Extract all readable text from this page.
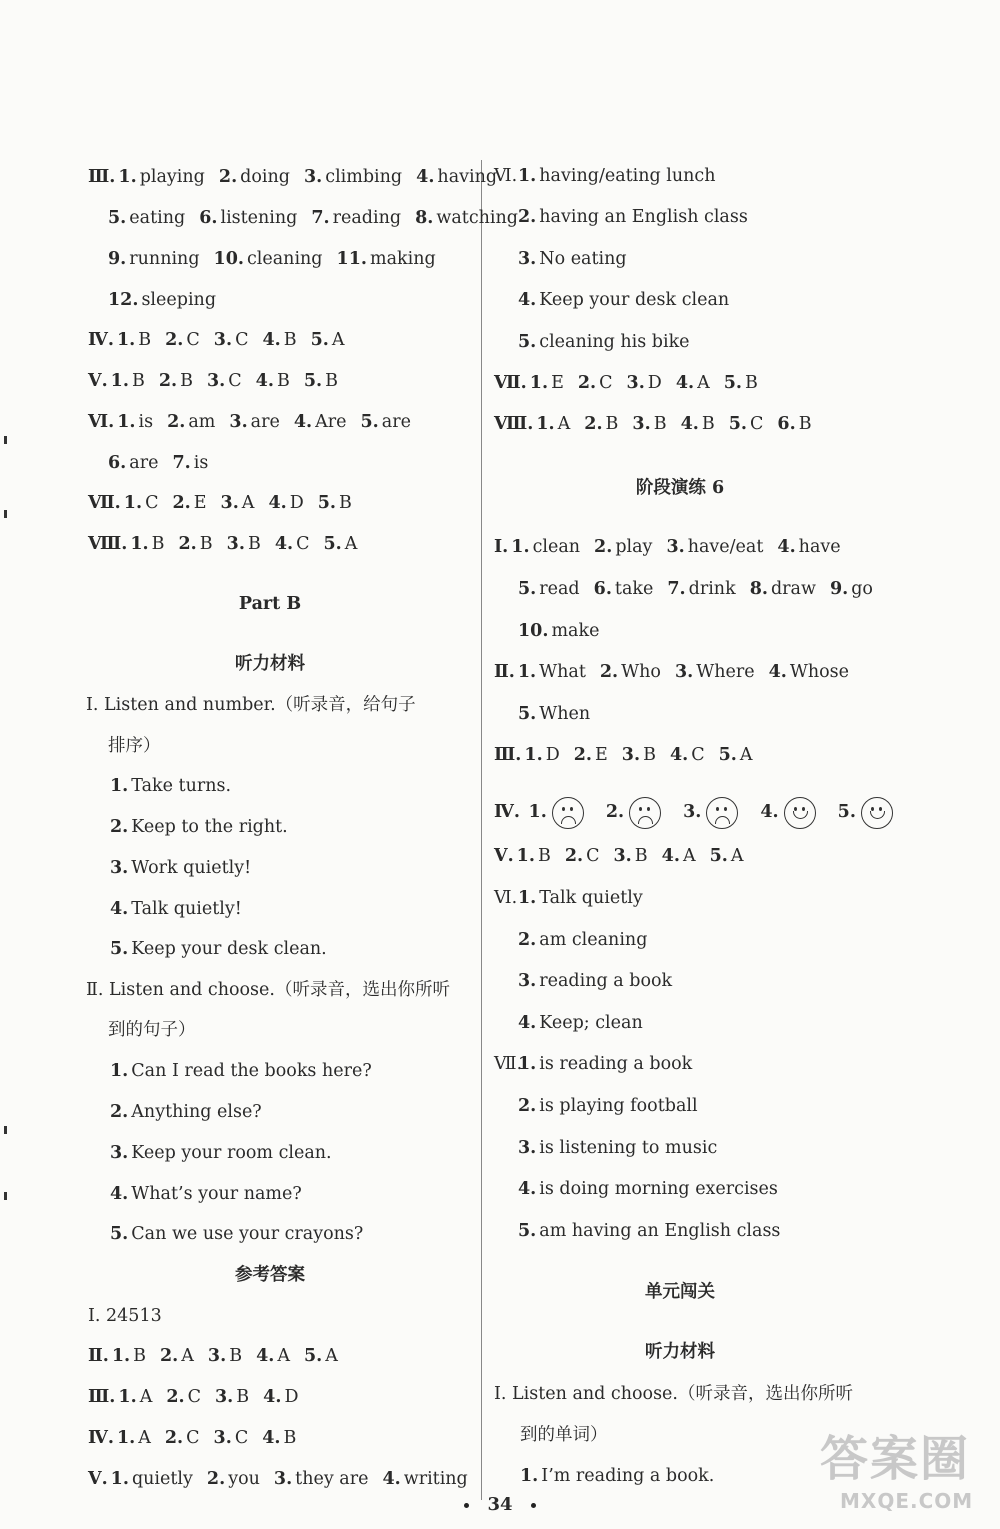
Ⅲ. 1. playing 2. doing 3. climbing 4. having
5. eating 6. listening 7. reading 8. watching
9. running 10. cleaning 11. making
12. sleeping
Ⅳ. 1. B 2. C 3. C 4. B 5. A
Ⅴ. 1. B 2. B 3. C 4. B 5. B
Ⅵ. 1. is 2. am 3. are 4. Are 5. are
6. are 7. is
Ⅶ. 1. C 2. E 3. A 4. D 5. B
Ⅷ. 1. B 2. B 3. B 4. C 5. A
Part B
听力材料
Ⅰ. Listen and number.（听录音，给句子
排序）
1. Take turns.
2. Keep to the right.
3. Work quietly!
4. Talk quietly!
5. Keep your desk clean.
Ⅱ. Listen and choose.（听录音，选出你所听
到的句子）
1. Can I read the books here?
2. Anything else?
3. Keep your room clean.
4. What’s your name?
5. Can we use your crayons?
参考答案
Ⅰ. 24513
Ⅱ. 1. B 2. A 3. B 4. A 5. A
Ⅲ. 1. A 2. C 3. B 4. D
Ⅳ. 1. A 2. C 3. C 4. B
Ⅴ. 1. quietly 2. you 3. they are 4. writing
Ⅵ. 1. having/eating lunch
2. having an English class
3. No eating
4. Keep your desk clean
5. cleaning his bike
Ⅶ. 1. E 2. C 3. D 4. A 5. B
Ⅷ. 1. A 2. B 3. B 4. B 5. C 6. B
阶段演练 6
Ⅰ. 1. clean 2. play 3. have/eat 4. have
5. read 6. take 7. drink 8. draw 9. go
10. make
Ⅱ. 1. What 2. Who 3. Where 4. Whose
5. When
Ⅲ. 1. D 2. E 3. B 4. C 5. A
Ⅳ. 1.	2.	3.	4.	5.
Ⅴ. 1. B 2. C 3. B 4. A 5. A
Ⅵ. 1. Talk quietly
2. am cleaning
3. reading a book
4. Keep; clean
Ⅶ.
1. is reading a book
2. is playing football
3. is listening to music
4. is doing morning exercises
5. am having an English class
单元闯关
听力材料
Ⅰ. Listen and choose.（听录音，选出你所听
到的单词）
1. I’m reading a book.
34
答案圈
MXQE.COM
